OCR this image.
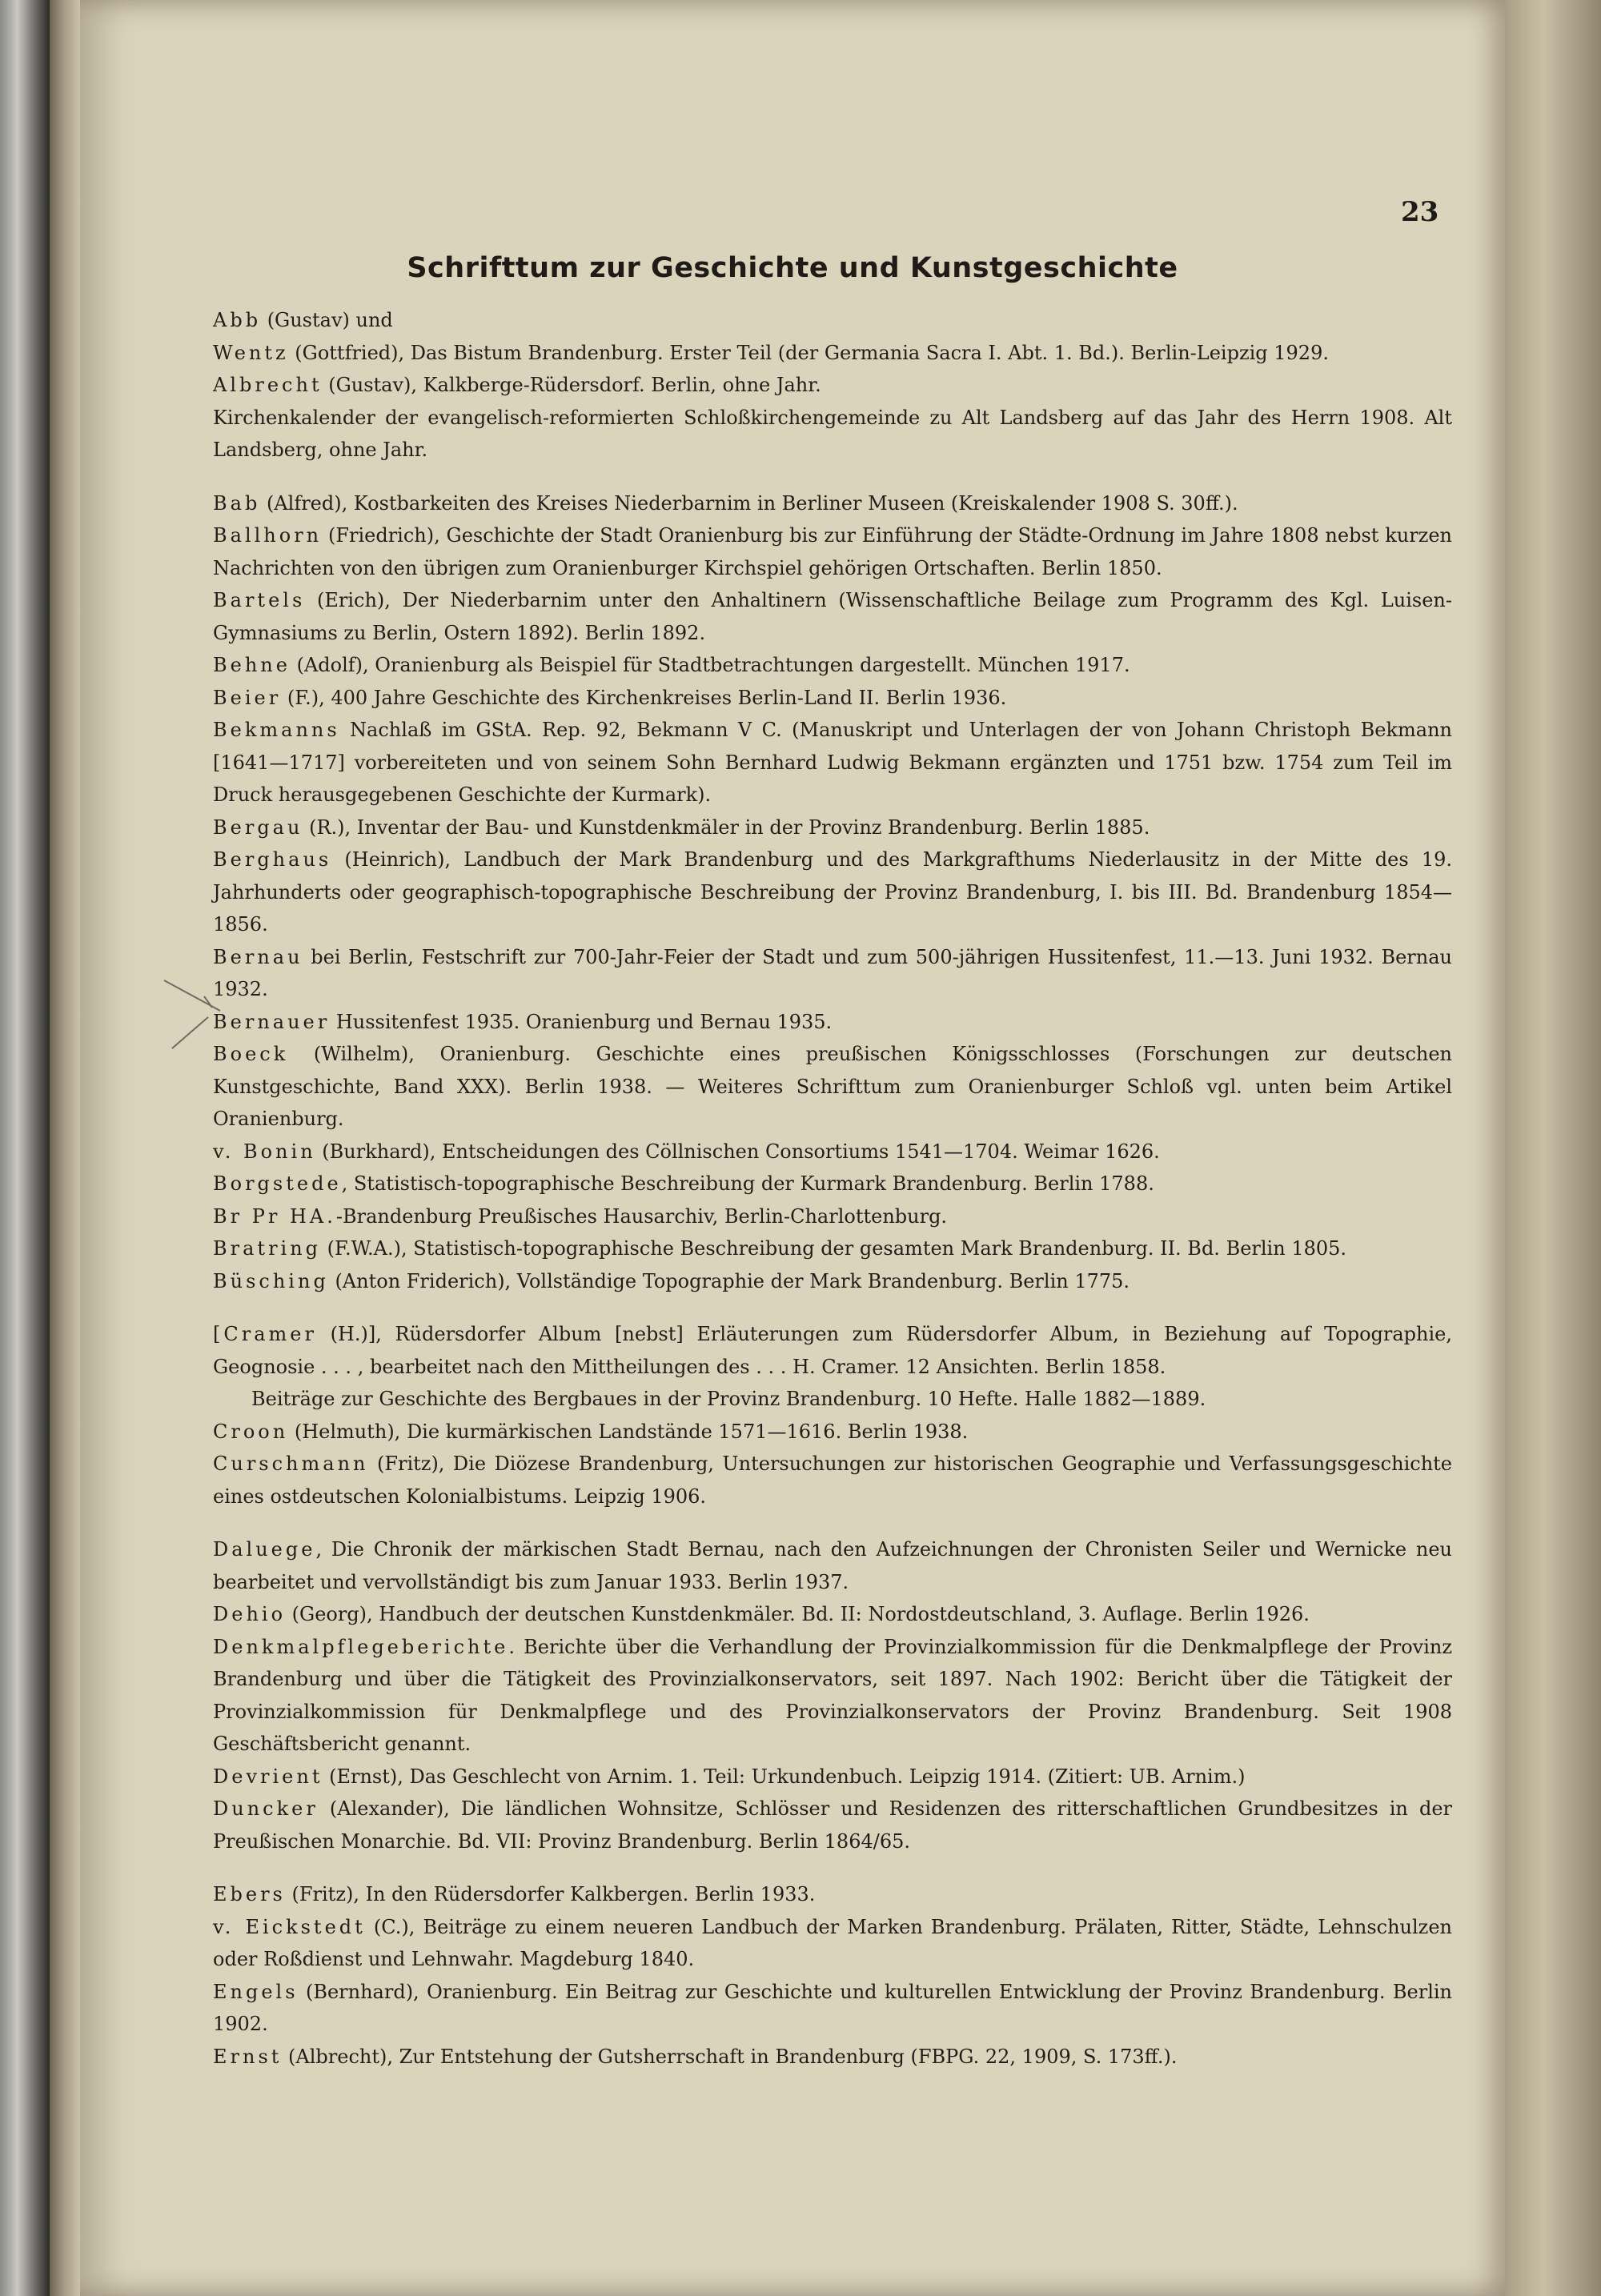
23
Schrifttum zur Geschichte und Kunstgeschichte

Abb (Gustav) und

Wentz (Gottfried), Das Bistum Brandenburg. Erster Teil (der Germania Sacra I. Abt. 1. Bd.). Berlin-Leipzig 1929.

Albrecht (Gustav), Kalkberge-Rüdersdorf. Berlin, ohne Jahr.

Kirchenkalender der evangelisch-reformierten Schloßkirchengemeinde zu Alt Landsberg auf das Jahr des Herrn 1908. Alt Landsberg, ohne Jahr.

Bab (Alfred), Kostbarkeiten des Kreises Niederbarnim in Berliner Museen (Kreiskalender 1908 S. 30ff.).

Ballhorn (Friedrich), Geschichte der Stadt Oranienburg bis zur Einführung der Städte-Ordnung im Jahre 1808 nebst kurzen Nachrichten von den übrigen zum Oranienburger Kirchspiel gehörigen Ortschaften. Berlin 1850.

Bartels (Erich), Der Niederbarnim unter den Anhaltinern (Wissenschaftliche Beilage zum Programm des Kgl. Luisen-Gymnasiums zu Berlin, Ostern 1892). Berlin 1892.

Behne (Adolf), Oranienburg als Beispiel für Stadtbetrachtungen dargestellt. München 1917.

Beier (F.), 400 Jahre Geschichte des Kirchenkreises Berlin-Land II. Berlin 1936.

Bekmanns Nachlaß im GStA. Rep. 92, Bekmann V C. (Manuskript und Unterlagen der von Johann Christoph Bekmann [1641—1717] vorbereiteten und von seinem Sohn Bernhard Ludwig Bekmann ergänzten und 1751 bzw. 1754 zum Teil im Druck herausgegebenen Geschichte der Kurmark).

Bergau (R.), Inventar der Bau- und Kunstdenkmäler in der Provinz Brandenburg. Berlin 1885.

Berghaus (Heinrich), Landbuch der Mark Brandenburg und des Markgrafthums Niederlausitz in der Mitte des 19. Jahrhunderts oder geographisch-topographische Beschreibung der Provinz Brandenburg, I. bis III. Bd. Brandenburg 1854—1856.

Bernau bei Berlin, Festschrift zur 700-Jahr-Feier der Stadt und zum 500-jährigen Hussitenfest, 11.—13. Juni 1932. Bernau 1932.

Bernauer Hussitenfest 1935. Oranienburg und Bernau 1935.

Boeck (Wilhelm), Oranienburg. Geschichte eines preußischen Königsschlosses (Forschungen zur deutschen Kunstgeschichte, Band XXX). Berlin 1938. — Weiteres Schrifttum zum Oranienburger Schloß vgl. unten beim Artikel Oranienburg.

v. Bonin (Burkhard), Entscheidungen des Cöllnischen Consortiums 1541—1704. Weimar 1626.

Borgstede, Statistisch-topographische Beschreibung der Kurmark Brandenburg. Berlin 1788.

Br Pr HA.-Brandenburg Preußisches Hausarchiv, Berlin-Charlottenburg.

Bratring (F.W.A.), Statistisch-topographische Beschreibung der gesamten Mark Brandenburg. II. Bd. Berlin 1805.

Büsching (Anton Friderich), Vollständige Topographie der Mark Brandenburg. Berlin 1775.

[Cramer (H.)], Rüdersdorfer Album [nebst] Erläuterungen zum Rüdersdorfer Album, in Beziehung auf Topographie, Geognosie . . . , bearbeitet nach den Mittheilungen des . . . H. Cramer. 12 Ansichten. Berlin 1858.

Beiträge zur Geschichte des Bergbaues in der Provinz Brandenburg. 10 Hefte. Halle 1882—1889.

Croon (Helmuth), Die kurmärkischen Landstände 1571—1616. Berlin 1938.

Curschmann (Fritz), Die Diözese Brandenburg, Untersuchungen zur historischen Geographie und Verfassungsgeschichte eines ostdeutschen Kolonialbistums. Leipzig 1906.

Daluege, Die Chronik der märkischen Stadt Bernau, nach den Aufzeichnungen der Chronisten Seiler und Wernicke neu bearbeitet und vervollständigt bis zum Januar 1933. Berlin 1937.

Dehio (Georg), Handbuch der deutschen Kunstdenkmäler. Bd. II: Nordostdeutschland, 3. Auflage. Berlin 1926.

Denkmalpflegeberichte. Berichte über die Verhandlung der Provinzialkommission für die Denkmalpflege der Provinz Brandenburg und über die Tätigkeit des Provinzialkonservators, seit 1897. Nach 1902: Bericht über die Tätigkeit der Provinzialkommission für Denkmalpflege und des Provinzialkonservators der Provinz Brandenburg. Seit 1908 Geschäftsbericht genannt.

Devrient (Ernst), Das Geschlecht von Arnim. 1. Teil: Urkundenbuch. Leipzig 1914. (Zitiert: UB. Arnim.)

Duncker (Alexander), Die ländlichen Wohnsitze, Schlösser und Residenzen des ritterschaftlichen Grundbesitzes in der Preußischen Monarchie. Bd. VII: Provinz Brandenburg. Berlin 1864/65.

Ebers (Fritz), In den Rüdersdorfer Kalkbergen. Berlin 1933.

v. Eickstedt (C.), Beiträge zu einem neueren Landbuch der Marken Brandenburg. Prälaten, Ritter, Städte, Lehnschulzen oder Roßdienst und Lehnwahr. Magdeburg 1840.

Engels (Bernhard), Oranienburg. Ein Beitrag zur Geschichte und kulturellen Entwicklung der Provinz Brandenburg. Berlin 1902.

Ernst (Albrecht), Zur Entstehung der Gutsherrschaft in Brandenburg (FBPG. 22, 1909, S. 173ff.).
